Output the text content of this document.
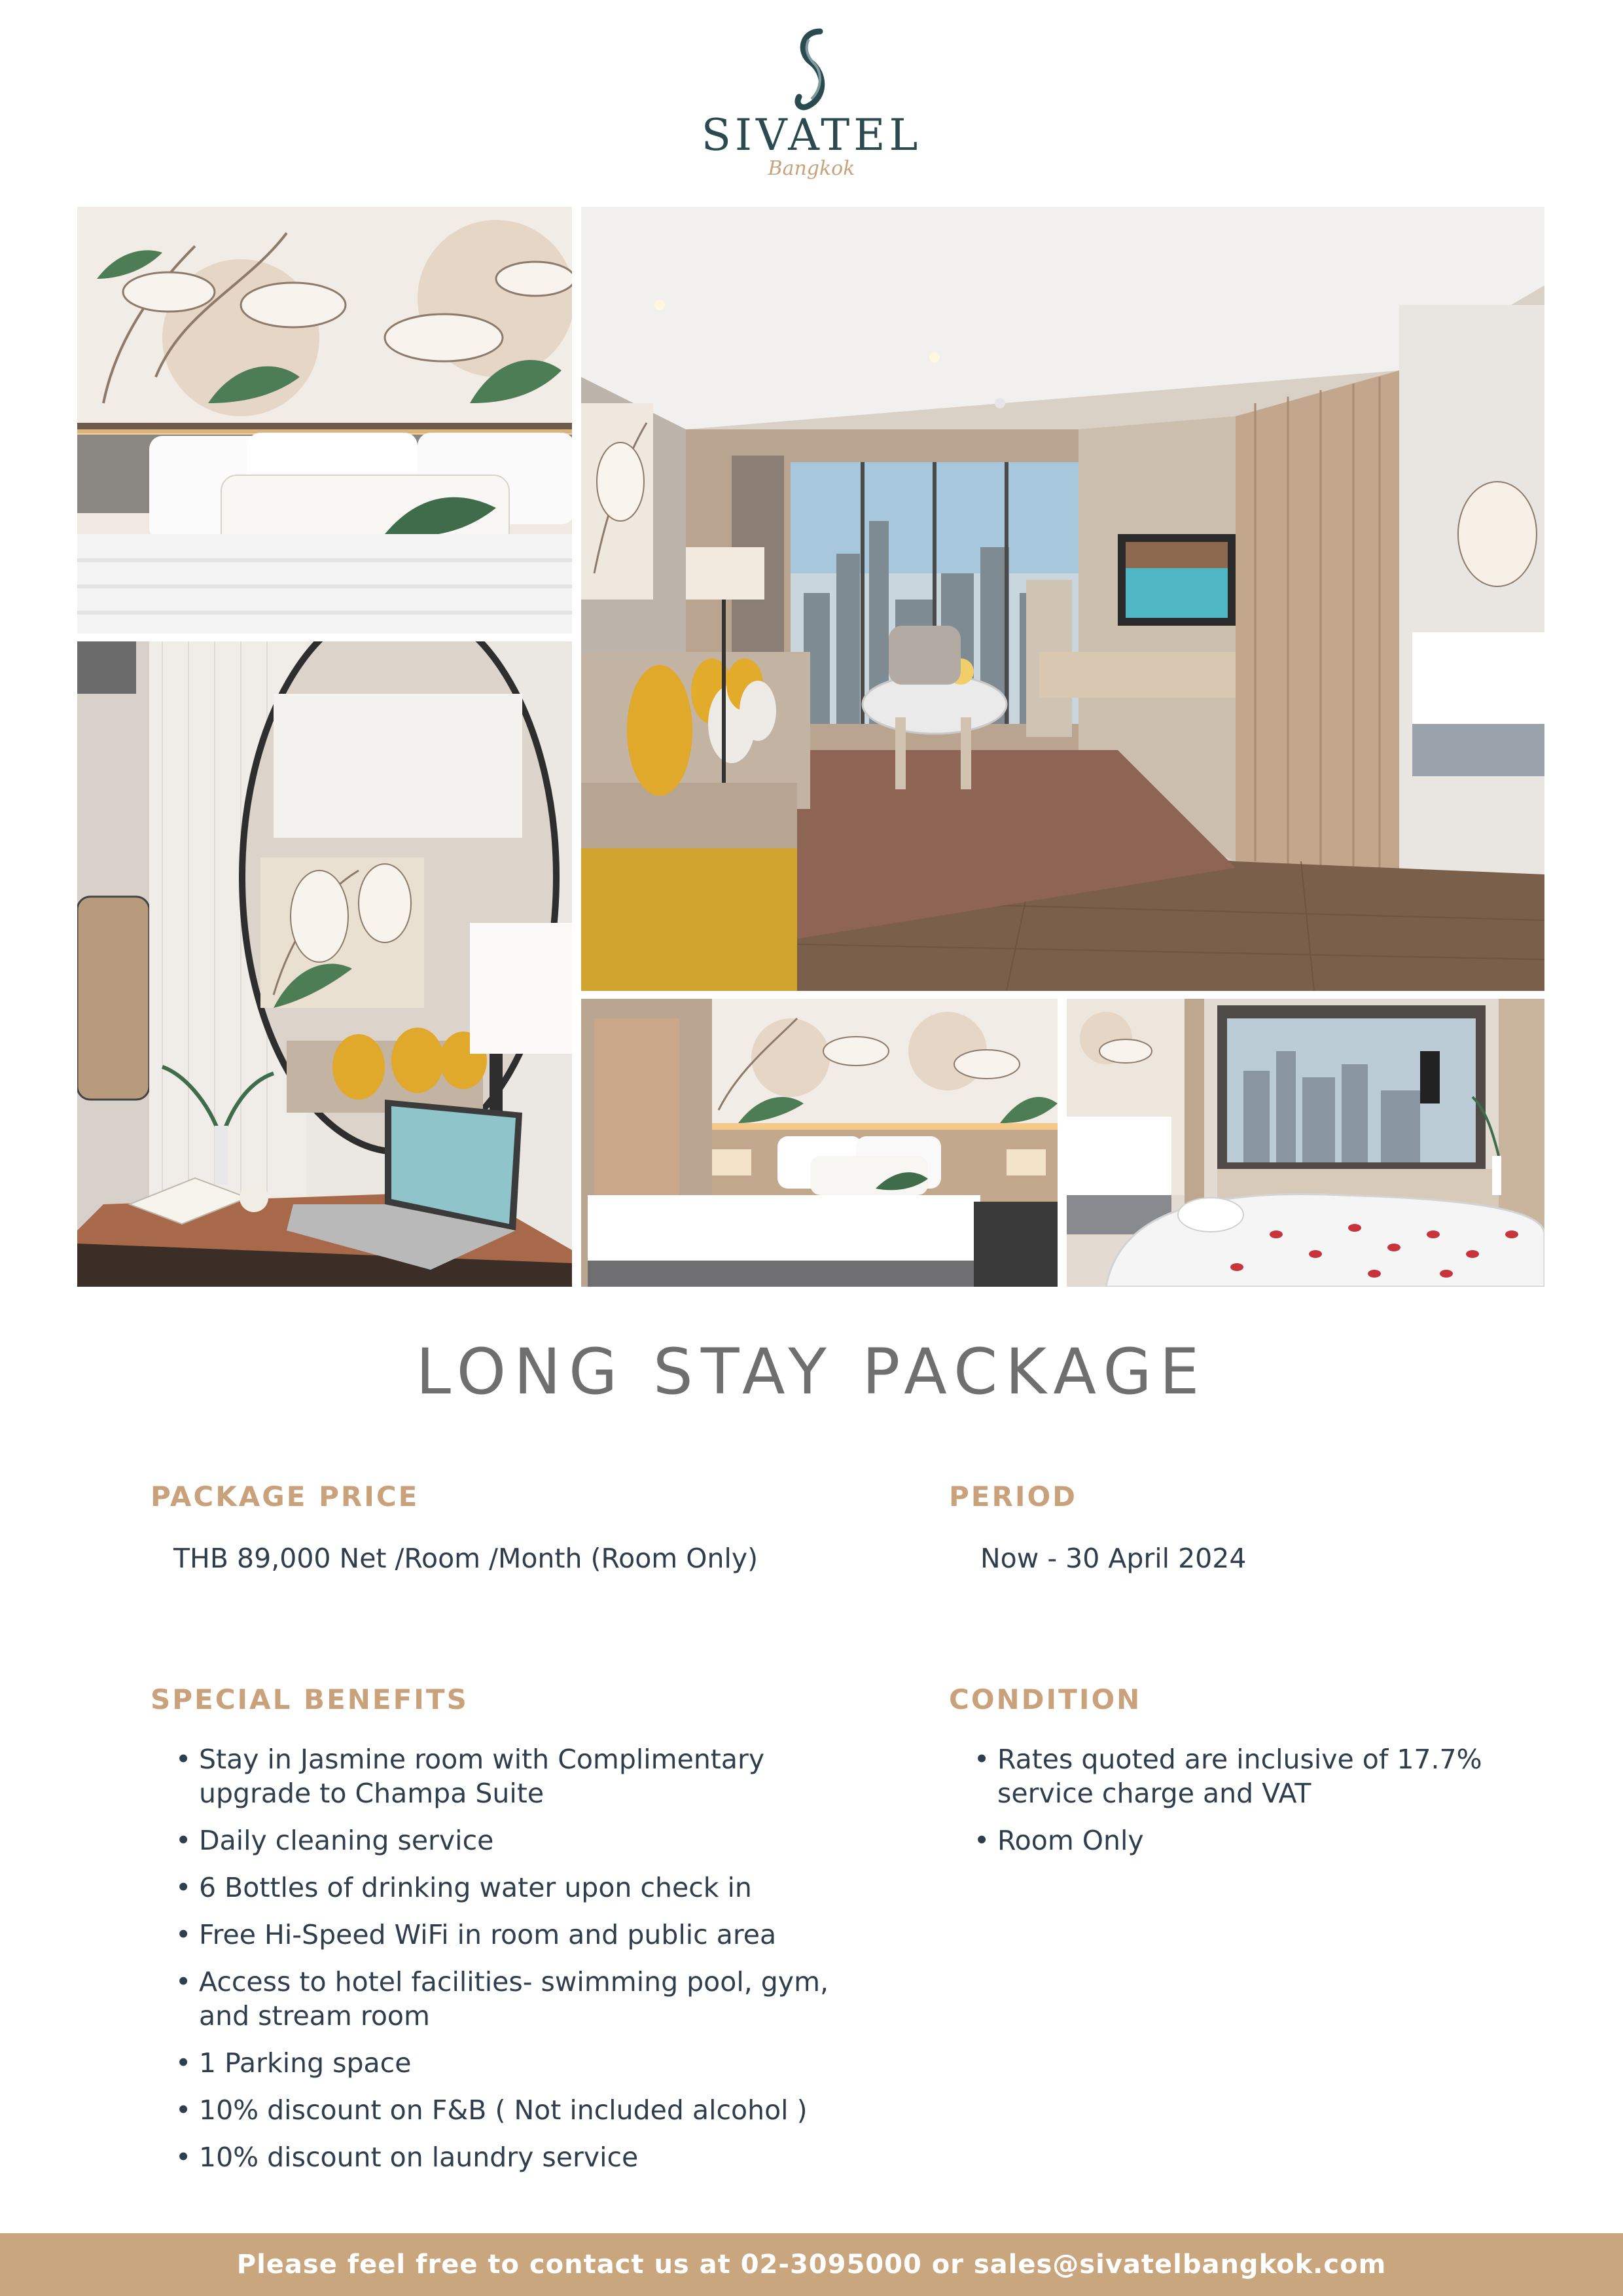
SIVATEL
Bangkok
LONG STAY PACKAGE
PACKAGE PRICE
THB 89,000 Net /Room /Month (Room Only)
PERIOD
Now - 30 April 2024
SPECIAL BENEFITS
• Stay in Jasmine room with Complimentary upgrade to Champa Suite
• Daily cleaning service
• 6 Bottles of drinking water upon check in
• Free Hi-Speed WiFi in room and public area
• Access to hotel facilities- swimming pool, gym, and stream room
• 1 Parking space
• 10% discount on F&B ( Not included alcohol )
• 10% discount on laundry service
CONDITION
• Rates quoted are inclusive of 17.7% service charge and VAT
• Room Only
Please feel free to contact us at 02-3095000 or sales@sivatelbangkok.com
